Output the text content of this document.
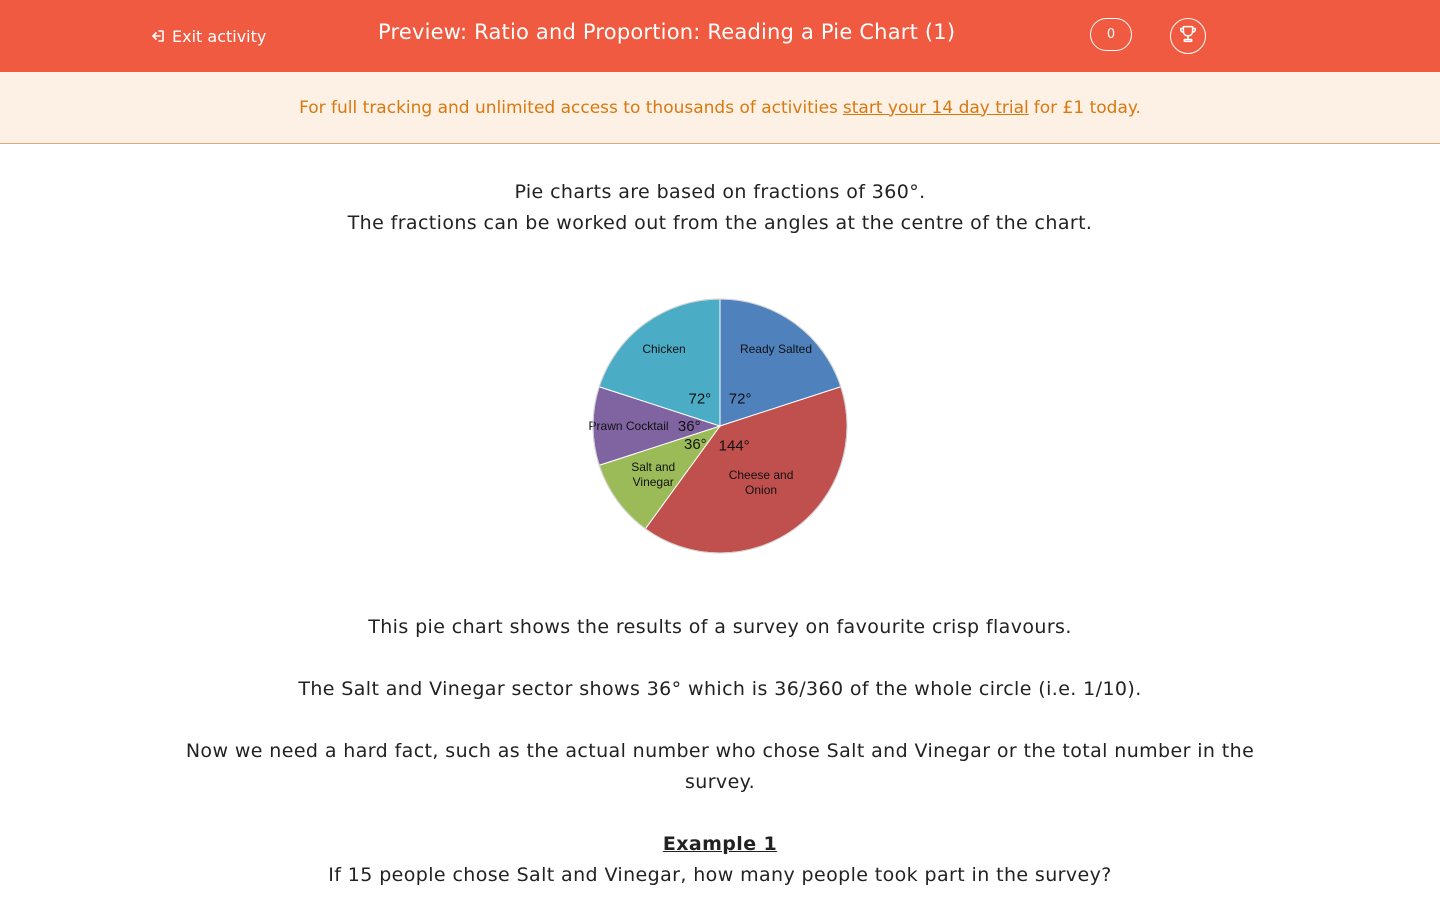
Exit activity	Preview: Ratio and Proportion: Reading a Pie Chart (1)	0
For full tracking and unlimited access to thousands of activities start your 14 day trial for £1 today.
Pie charts are based on fractions of 360°.
The fractions can be worked out from the angles at the centre of the chart.
Ready Salted
72°
Cheese and Onion
144°
Salt and Vinegar
36°
Prawn Cocktail 36°
Chicken
72°
This pie chart shows the results of a survey on favourite crisp flavours.
The Salt and Vinegar sector shows 36° which is 36/360 of the whole circle (i.e. 1/10).
Now we need a hard fact, such as the actual number who chose Salt and Vinegar or the total number in the survey.
Example 1
If 15 people chose Salt and Vinegar, how many people took part in the survey?
